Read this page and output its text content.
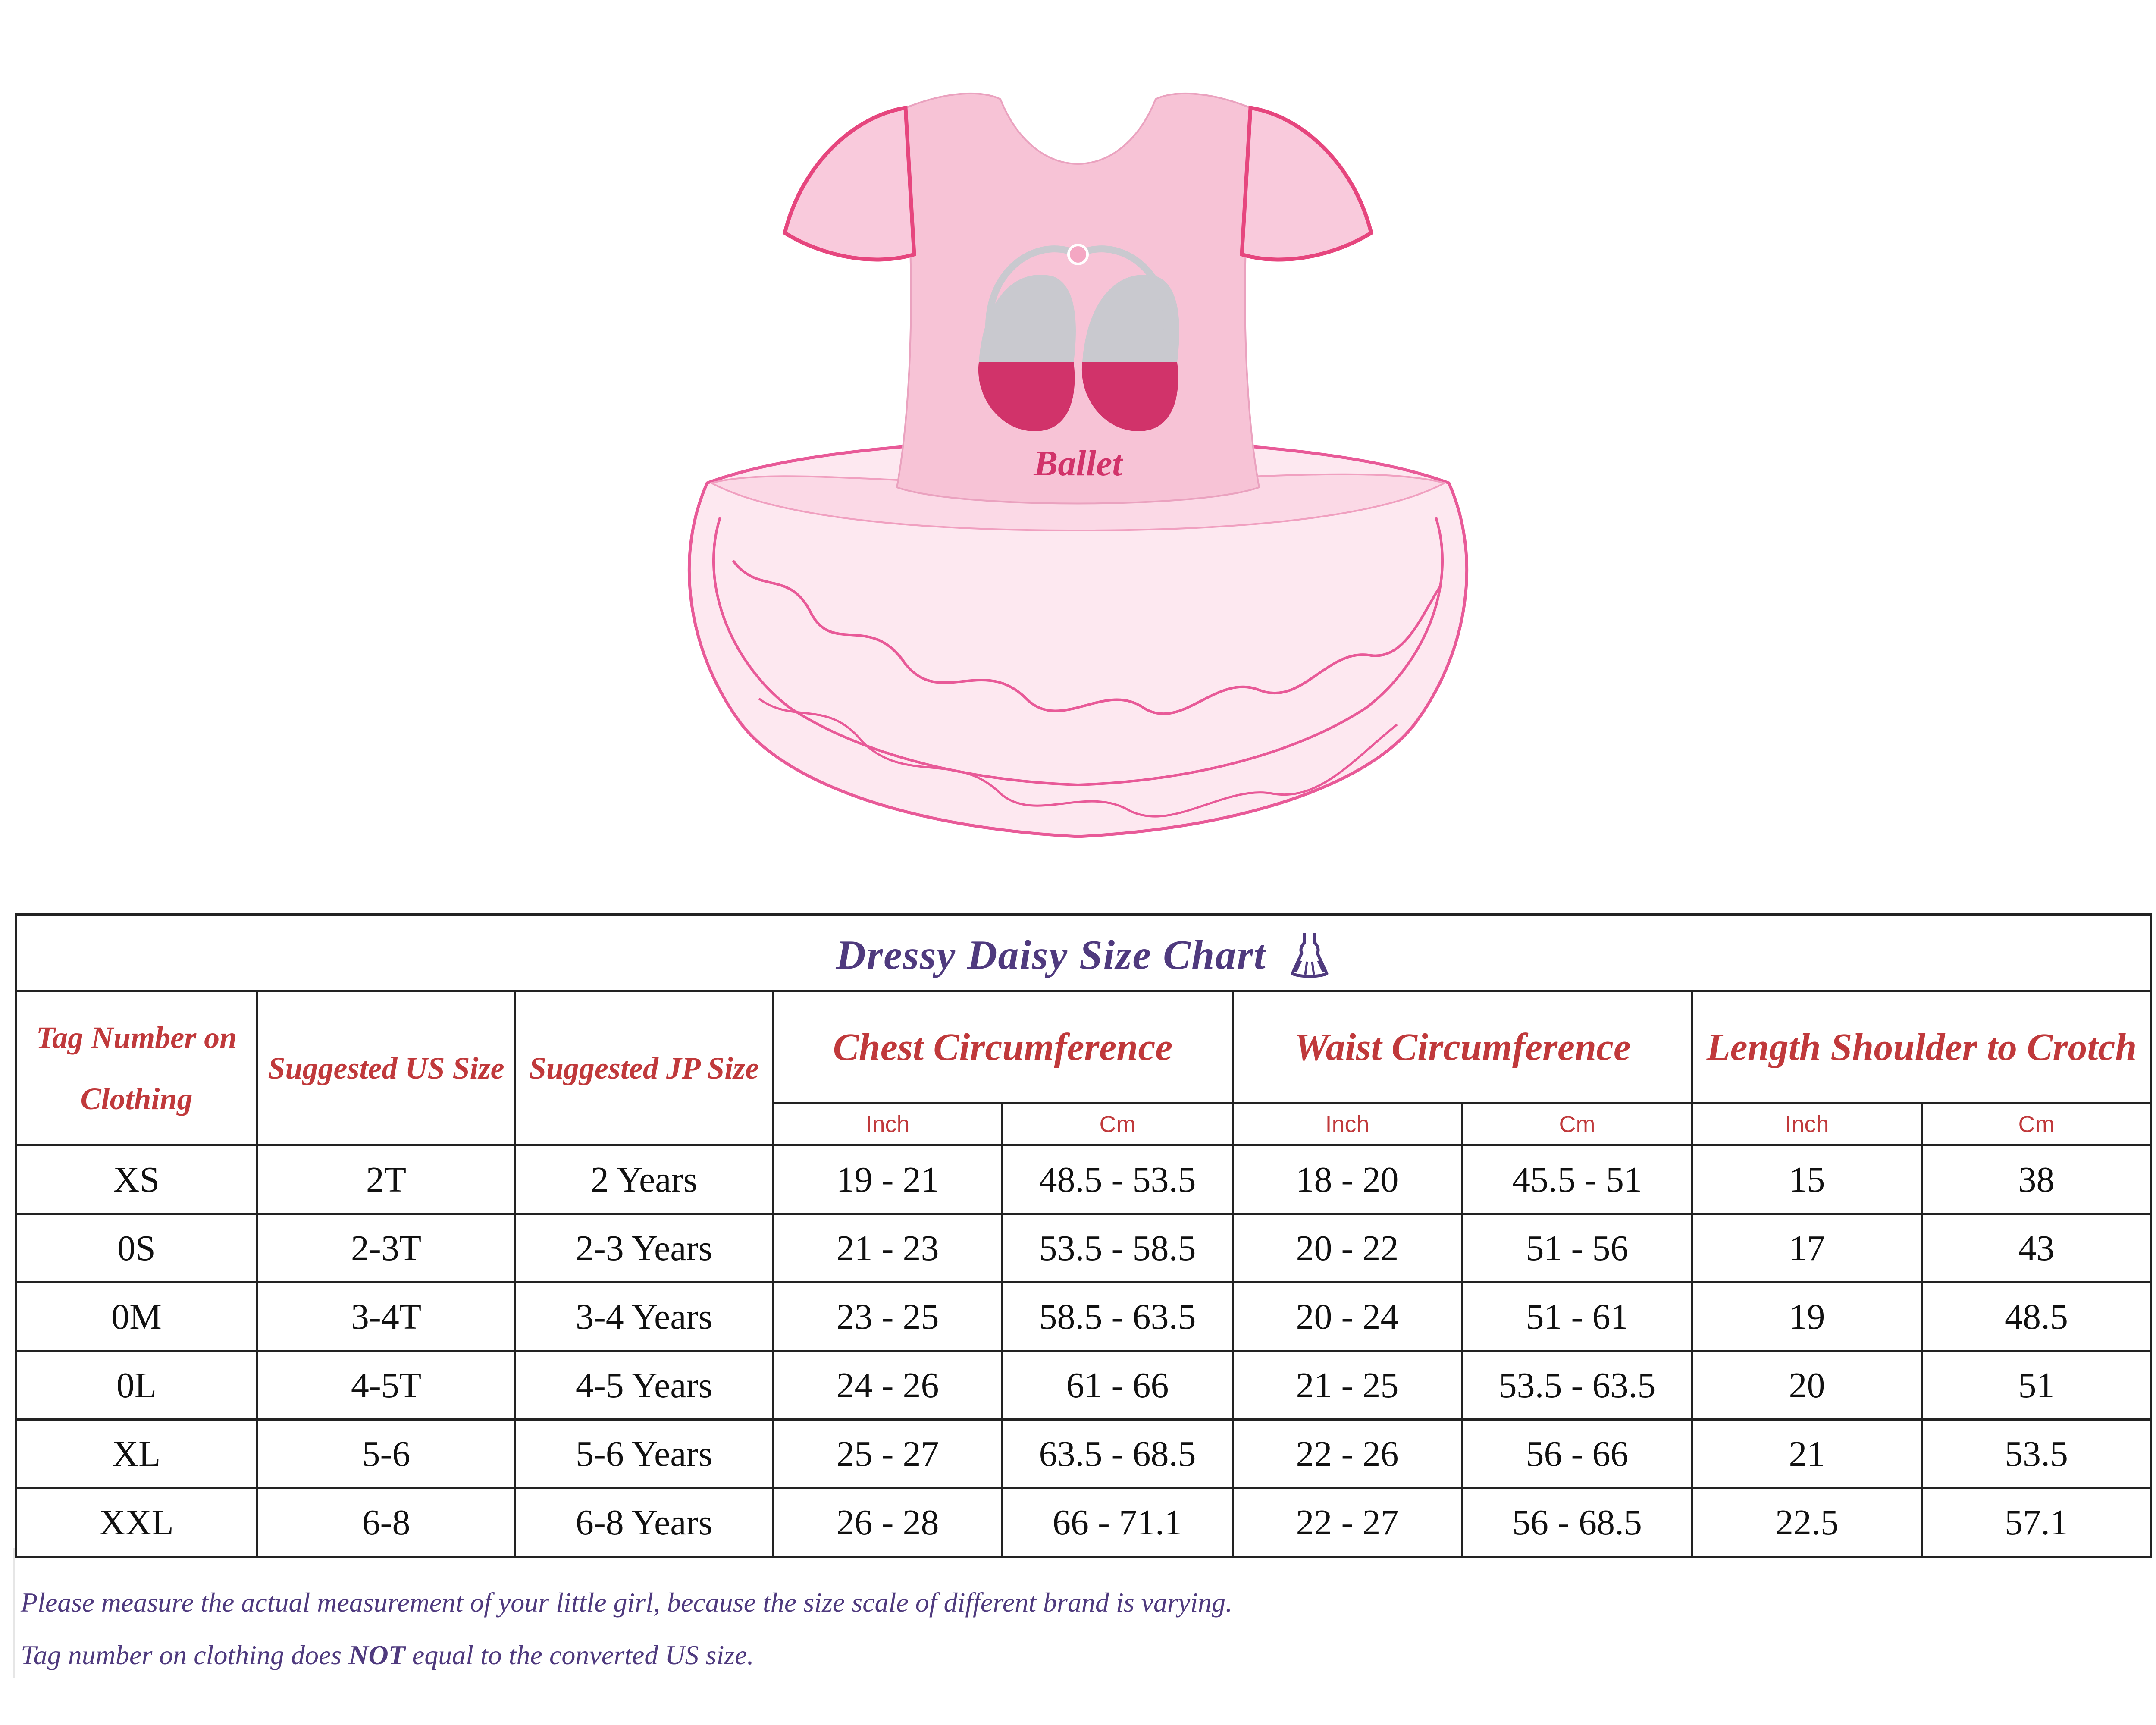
Ballet
Dressy Daisy Size Chart								
Tag Number on Clothing	Suggested US Size	Suggested JP Size	Chest Circumference		Waist Circumference		Length Shoulder to Crotch	
			Inch	Cm	Inch	Cm	Inch	Cm
XS	2T	2 Years	19 - 21	48.5 - 53.5	18 - 20	45.5 - 51	15	38
0S	2-3T	2-3 Years	21 - 23	53.5 - 58.5	20 - 22	51 - 56	17	43
0M	3-4T	3-4 Years	23 - 25	58.5 - 63.5	20 - 24	51 - 61	19	48.5
0L	4-5T	4-5 Years	24 - 26	61 - 66	21 - 25	53.5 - 63.5	20	51
XL	5-6	5-6 Years	25 - 27	63.5 - 68.5	22 - 26	56 - 66	21	53.5
XXL	6-8	6-8 Years	26 - 28	66 - 71.1	22 - 27	56 - 68.5	22.5	57.1

Please measure the actual measurement of your little girl, because the size scale of different brand is varying.

Tag number on clothing does NOT equal to the converted US size.
